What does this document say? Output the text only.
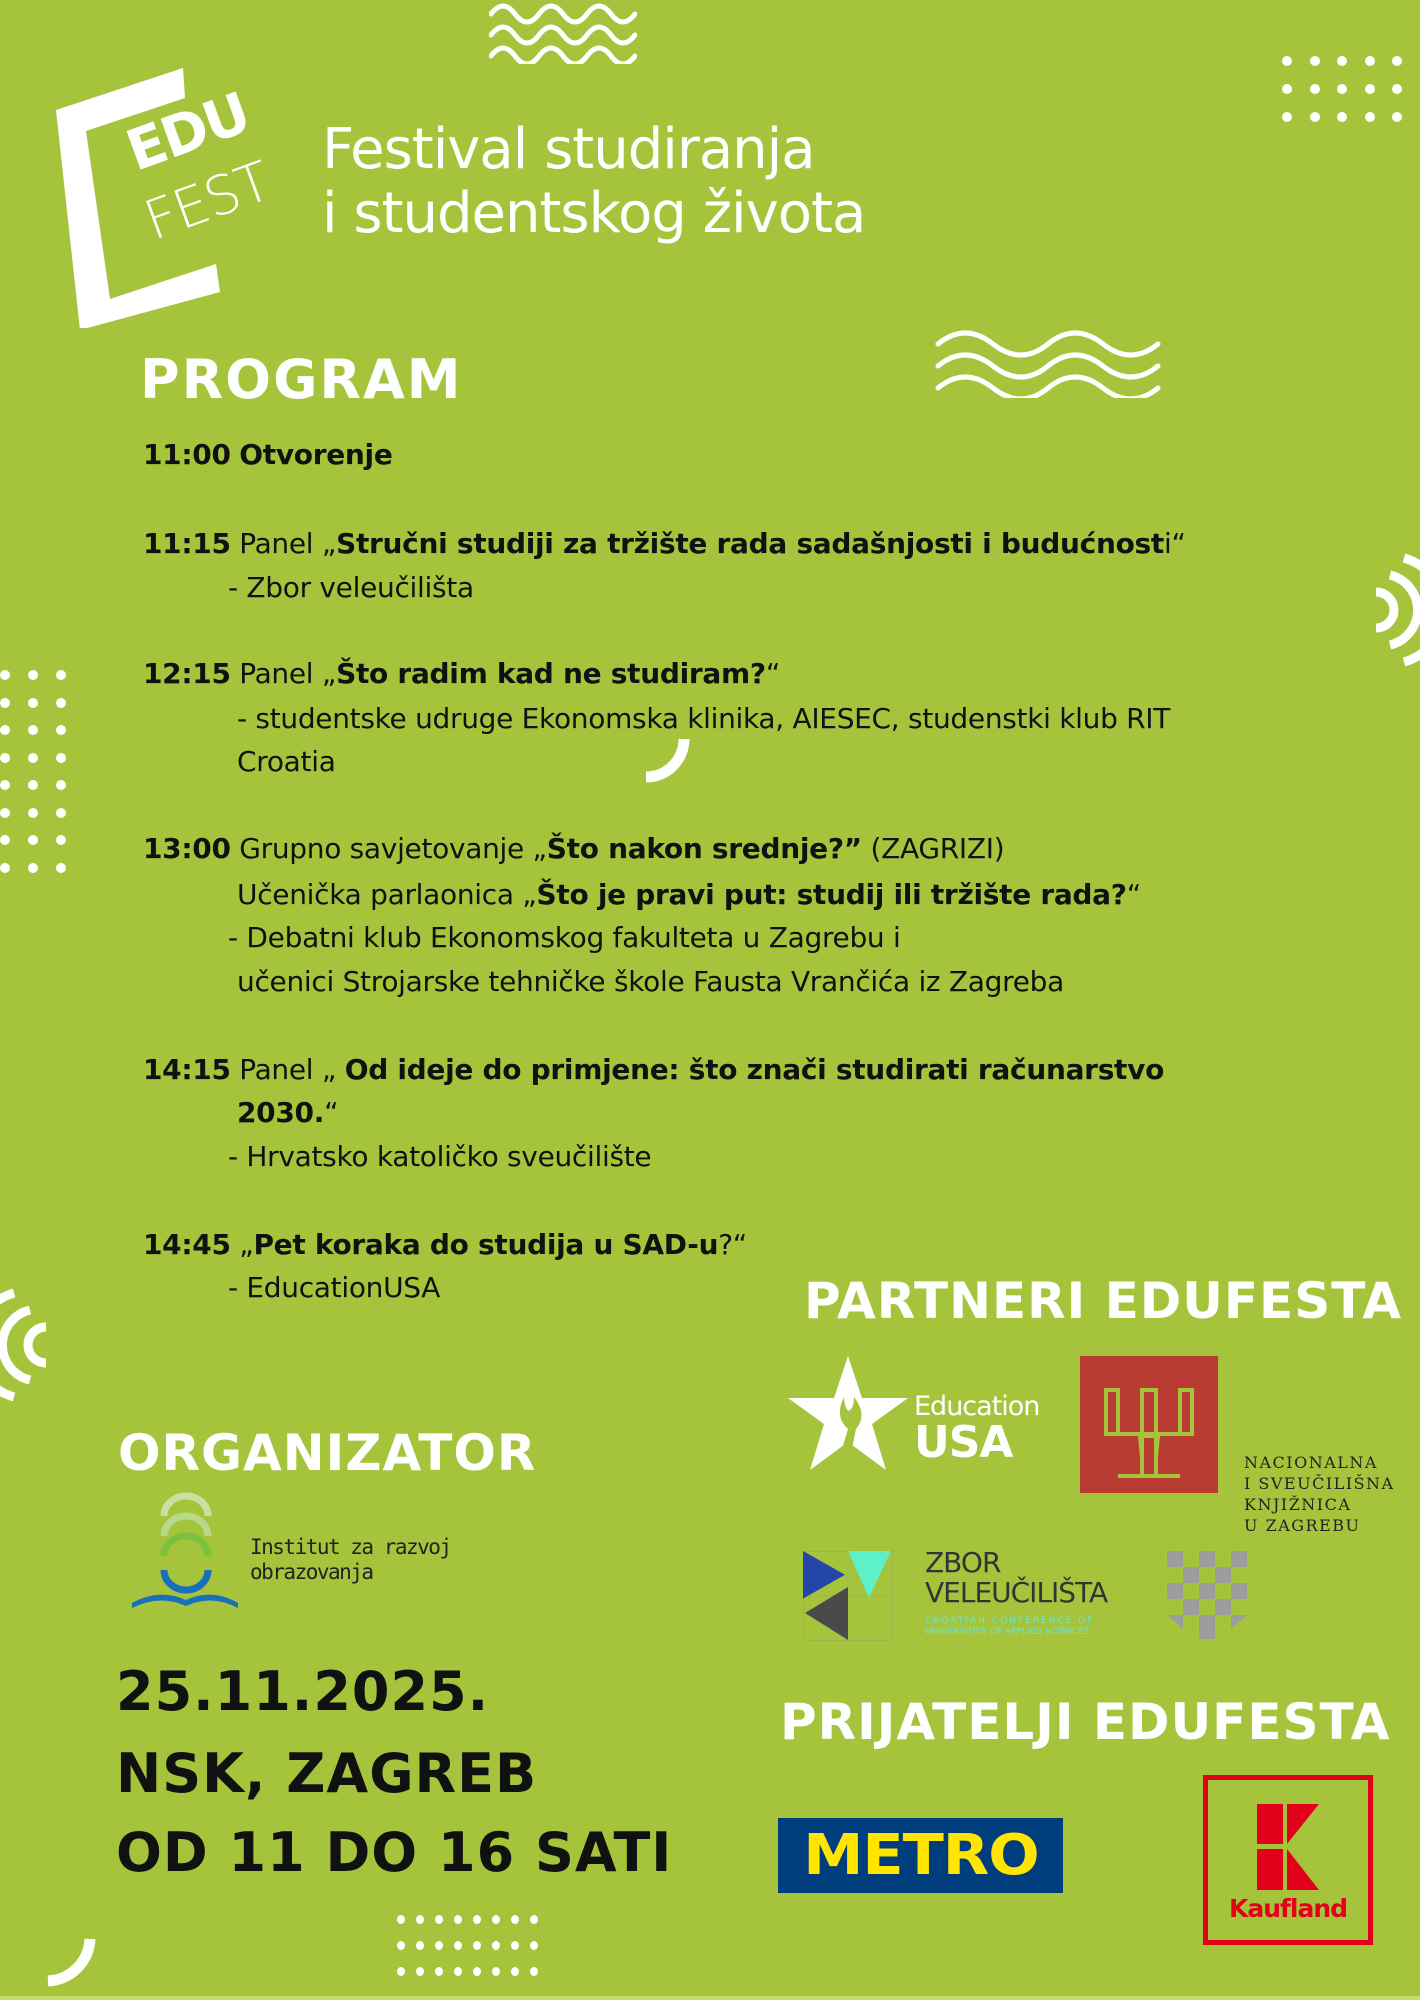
EDU
FEST Festival studiranja
i studentskog života
PROGRAM
11:00 Otvorenje
11:15 Panel „Stručni studiji za tržište rada sadašnjosti i budućnosti“
- Zbor veleučilišta
12:15 Panel „Što radim kad ne studiram?“
- studentske udruge Ekonomska klinika, AIESEC, studenstki klub RIT
Croatia
13:00 Grupno savjetovanje „Što nakon srednje?” (ZAGRIZI)
Učenička parlaonica „Što je pravi put: studij ili tržište rada?“
- Debatni klub Ekonomskog fakulteta u Zagrebu i
učenici Strojarske tehničke škole Fausta Vrančića iz Zagreba
14:15 Panel „ Od ideje do primjene: što znači studirati računarstvo
2030.“
- Hrvatsko katoličko sveučilište
14:45 „Pet koraka do studija u SAD-u?“
- EducationUSA	PARTNERI EDUFESTA
Education
USA	NACIONALNA
I SVEUČILIŠNA
KNJIŽNICA
U ZAGREBU
ZBOR
VELEUČILIŠTA
CROATIAN CONFERENCE OF
UNIVERSITIES OF APPLIED SCIENCES
ORGANIZATOR
Institut za razvoj
obrazovanja
25.11.2025.
NSK, ZAGREB
OD 11 DO 16 SATI
PRIJATELJI EDUFESTA
METRO
Kaufland
